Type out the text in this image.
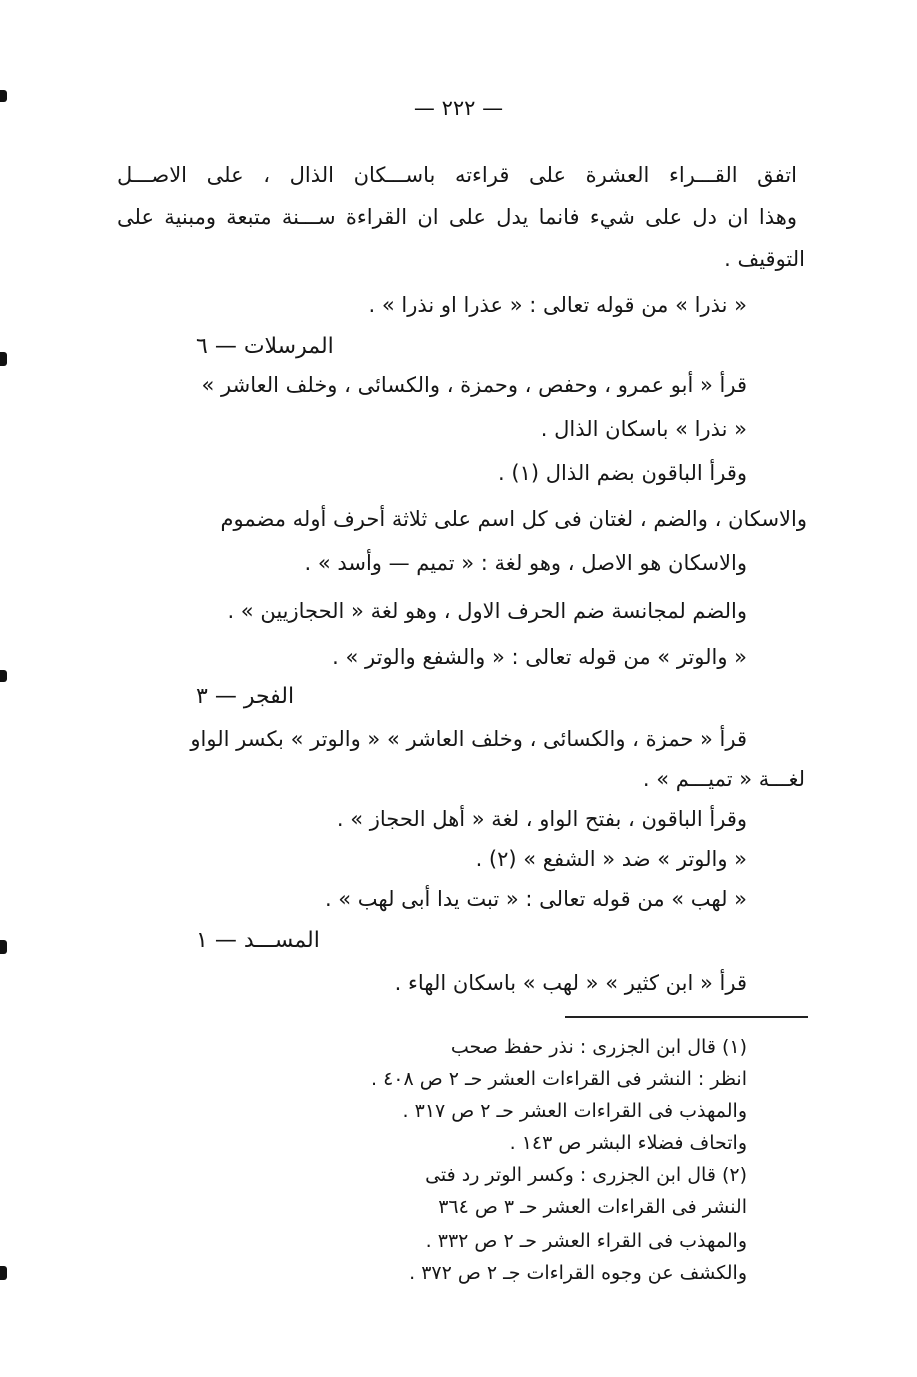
— ٢٢٢ —
اتفق القـــراء العشرة على قراءته باســـكان الذال ، على الاصـــل
وهذا ان دل على شيء فانما يدل على ان القراءة ســـنة متبعة ومبنية على
التوقيف .
« نذرا » من قوله تعالى : « عذرا او نذرا » .
المرسلات — ٦
قرأ « أبو عمرو ، وحفص ، وحمزة ، والكسائى ، وخلف العاشر »
« نذرا » باسكان الذال .
وقرأ الباقون بضم الذال (١) .
والاسكان ، والضم ، لغتان فى كل اسم على ثلاثة أحرف أوله مضموم
والاسكان هو الاصل ، وهو لغة : « تميم — وأسد » .
والضم لمجانسة ضم الحرف الاول ، وهو لغة « الحجازيين » .
« والوتر » من قوله تعالى : « والشفع والوتر » .
الفجر — ٣
قرأ « حمزة ، والكسائى ، وخلف العاشر » « والوتر » بكسر الواو
لغـــة « تميـــم » .
وقرأ الباقون ، بفتح الواو ، لغة « أهل الحجاز » .
« والوتر » ضد « الشفع » (٢) .
« لهب » من قوله تعالى : « تبت يدا أبى لهب » .
المســـد — ١
قرأ « ابن كثير » « لهب » باسكان الهاء .
(١) قال ابن الجزرى : نذر حفظ صحب
انظر : النشر فى القراءات العشر حـ ٢ ص ٤٠٨ .
والمهذب فى القراءات العشر حـ ٢ ص ٣١٧ .
واتحاف فضلاء البشر ص ١٤٣ .
(٢) قال ابن الجزرى : وكسر الوتر رد فتى
النشر فى القراءات العشر حـ ٣ ص ٣٦٤
والمهذب فى القراء العشر حـ ٢ ص ٣٣٢ .
والكشف عن وجوه القراءات جـ ٢ ص ٣٧٢ .
